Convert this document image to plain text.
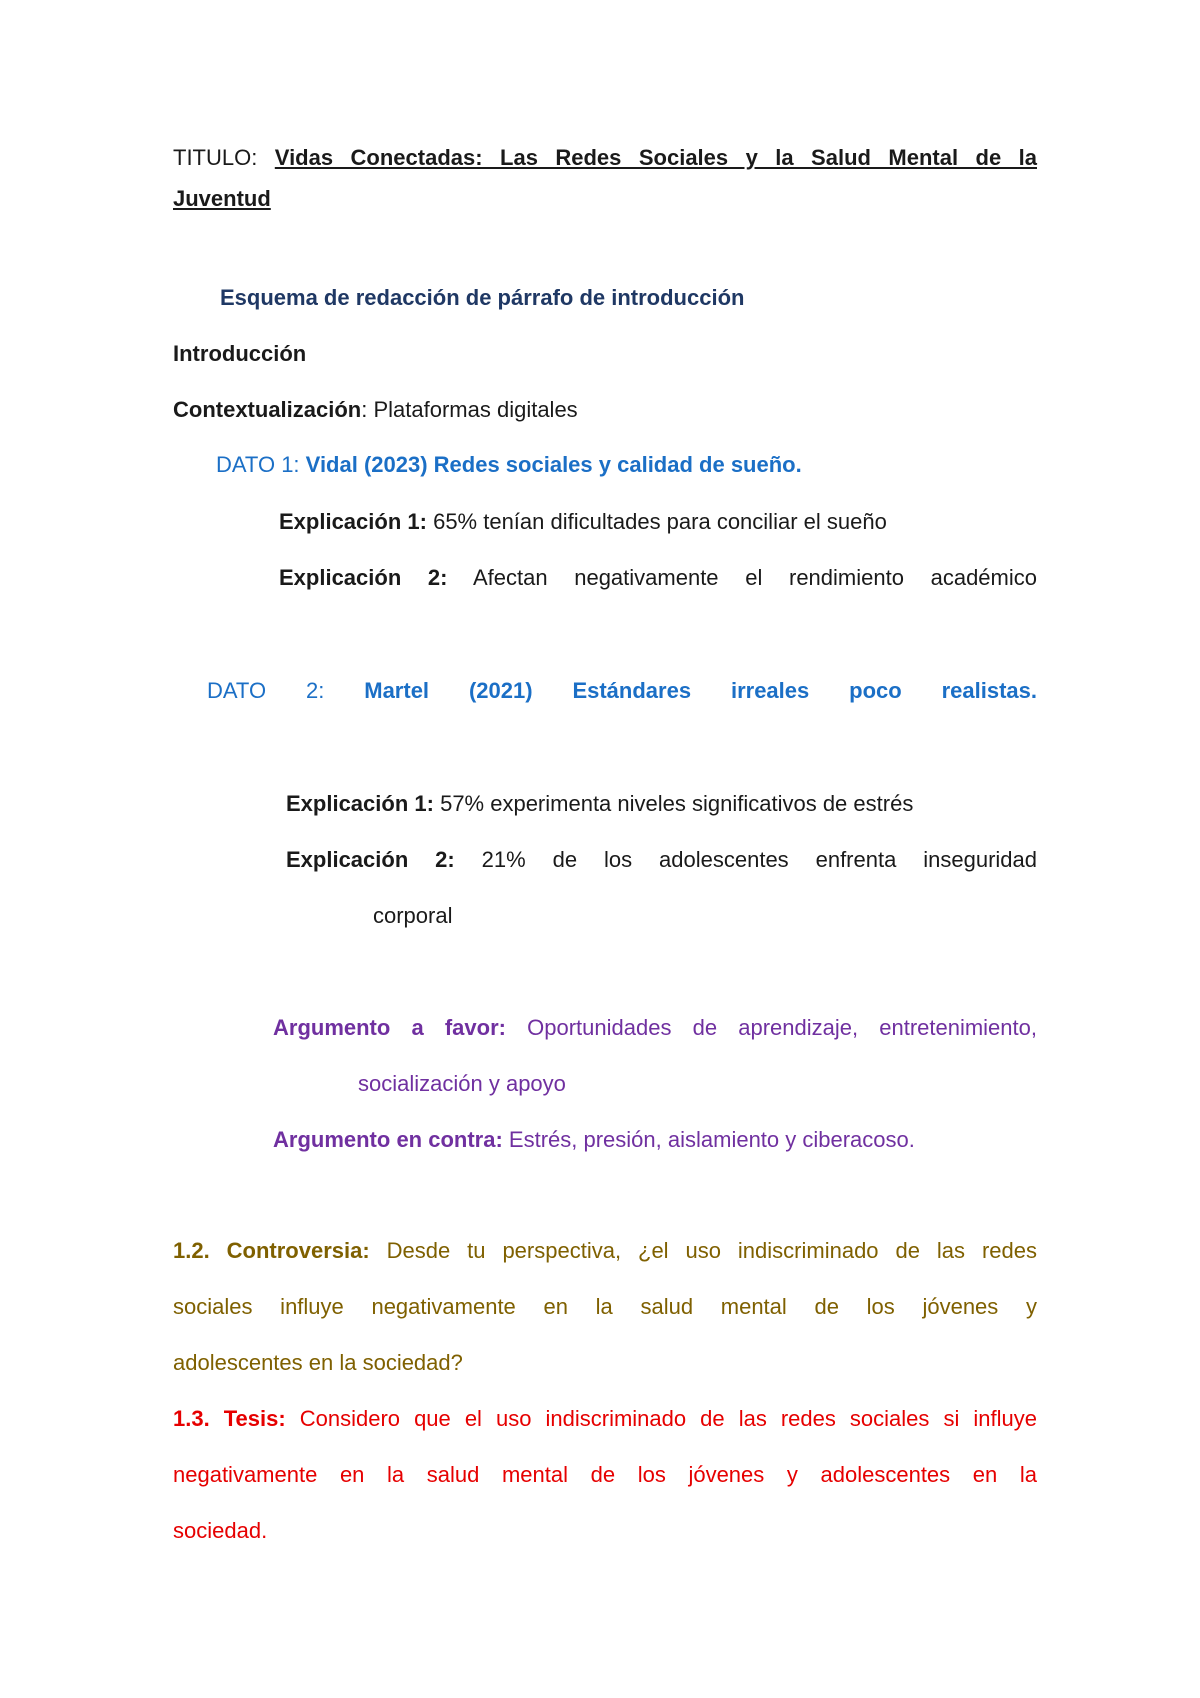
TITULO: Vidas Conectadas: Las Redes Sociales y la Salud Mental de la
Juventud
Esquema de redacción de párrafo de introducción
Introducción
Contextualización: Plataformas digitales
DATO 1: Vidal (2023) Redes sociales y calidad de sueño.
Explicación 1: 65% tenían dificultades para conciliar el sueño
Explicación 2: Afectan negativamente el rendimiento académico
DATO 2: Martel (2021) Estándares irreales poco realistas.
Explicación 1: 57% experimenta niveles significativos de estrés
Explicación 2: 21% de los adolescentes enfrenta inseguridad
corporal
Argumento a favor: Oportunidades de aprendizaje, entretenimiento,
socialización y apoyo
Argumento en contra: Estrés, presión, aislamiento y ciberacoso.
1.2. Controversia: Desde tu perspectiva, ¿el uso indiscriminado de las redes
sociales influye negativamente en la salud mental de los jóvenes y
adolescentes en la sociedad?
1.3. Tesis: Considero que el uso indiscriminado de las redes sociales si influye
negativamente en la salud mental de los jóvenes y adolescentes en la
sociedad.
